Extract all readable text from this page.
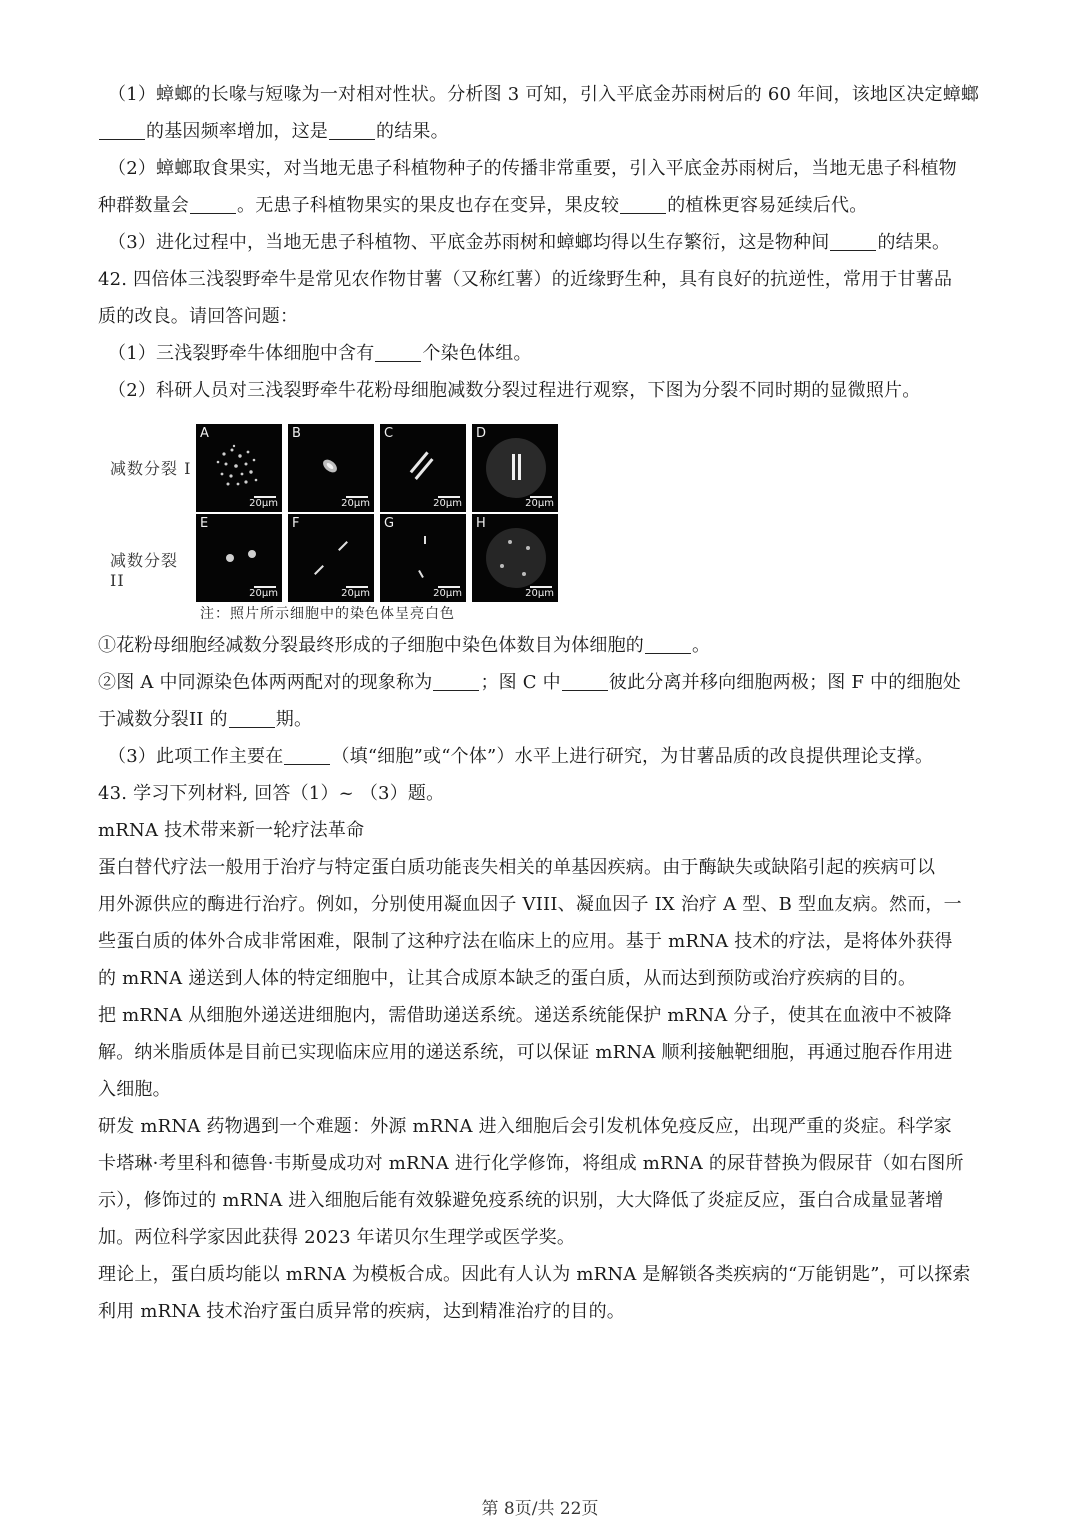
（1）蟑螂的长喙与短喙为一对相对性状。分析图 3 可知，引入平底金苏雨树后的 60 年间，该地区决定蟑螂
的基因频率增加，这是	的结果。
（2）蟑螂取食果实，对当地无患子科植物种子的传播非常重要，引入平底金苏雨树后，当地无患子科植物
种群数量会	。无患子科植物果实的果皮也存在变异，果皮较	的植株更容易延续后代。
（3）进化过程中，当地无患子科植物、平底金苏雨树和蟑螂均得以生存繁衍，这是物种间	的结果。
42. 四倍体三浅裂野牵牛是常见农作物甘薯（又称红薯）的近缘野生种，具有良好的抗逆性，常用于甘薯品
质的改良。请回答问题：
（1）三浅裂野牵牛体细胞中含有	个染色体组。
（2）科研人员对三浅裂野牵牛花粉母细胞减数分裂过程进行观察，下图为分裂不同时期的显微照片。
减数分裂 I
减数分裂 II
A
20μm
B
20μm
C
20μm
D
20μm
E
20μm
F
20μm
G
20μm
H
20μm
注：照片所示细胞中的染色体呈亮白色
①花粉母细胞经减数分裂最终形成的子细胞中染色体数目为体细胞的	。
②图 A 中同源染色体两两配对的现象称为	；图 C 中	彼此分离并移向细胞两极；图 F 中的细胞处
于减数分裂II 的	期。
（3）此项工作主要在	（填“细胞”或“个体”）水平上进行研究，为甘薯品质的改良提供理论支撑。
43. 学习下列材料, 回答（1）~ （3）题。
mRNA 技术带来新一轮疗法革命
蛋白替代疗法一般用于治疗与特定蛋白质功能丧失相关的单基因疾病。由于酶缺失或缺陷引起的疾病可以
用外源供应的酶进行治疗。例如，分别使用凝血因子 VIII、凝血因子 IX 治疗 A 型、B 型血友病。然而，一
些蛋白质的体外合成非常困难，限制了这种疗法在临床上的应用。基于 mRNA 技术的疗法，是将体外获得
的 mRNA 递送到人体的特定细胞中，让其合成原本缺乏的蛋白质，从而达到预防或治疗疾病的目的。
把 mRNA 从细胞外递送进细胞内，需借助递送系统。递送系统能保护 mRNA 分子，使其在血液中不被降
解。纳米脂质体是目前已实现临床应用的递送系统，可以保证 mRNA 顺利接触靶细胞，再通过胞吞作用进
入细胞。
研发 mRNA 药物遇到一个难题：外源 mRNA 进入细胞后会引发机体免疫反应，出现严重的炎症。科学家
卡塔琳·考里科和德鲁·韦斯曼成功对 mRNA 进行化学修饰，将组成 mRNA 的尿苷替换为假尿苷（如右图所
示），修饰过的 mRNA 进入细胞后能有效躲避免疫系统的识别，大大降低了炎症反应，蛋白合成量显著增
加。两位科学家因此获得 2023 年诺贝尔生理学或医学奖。
理论上，蛋白质均能以 mRNA 为模板合成。因此有人认为 mRNA 是解锁各类疾病的“万能钥匙”，可以探索
利用 mRNA 技术治疗蛋白质异常的疾病，达到精准治疗的目的。
第 8页/共 22页
